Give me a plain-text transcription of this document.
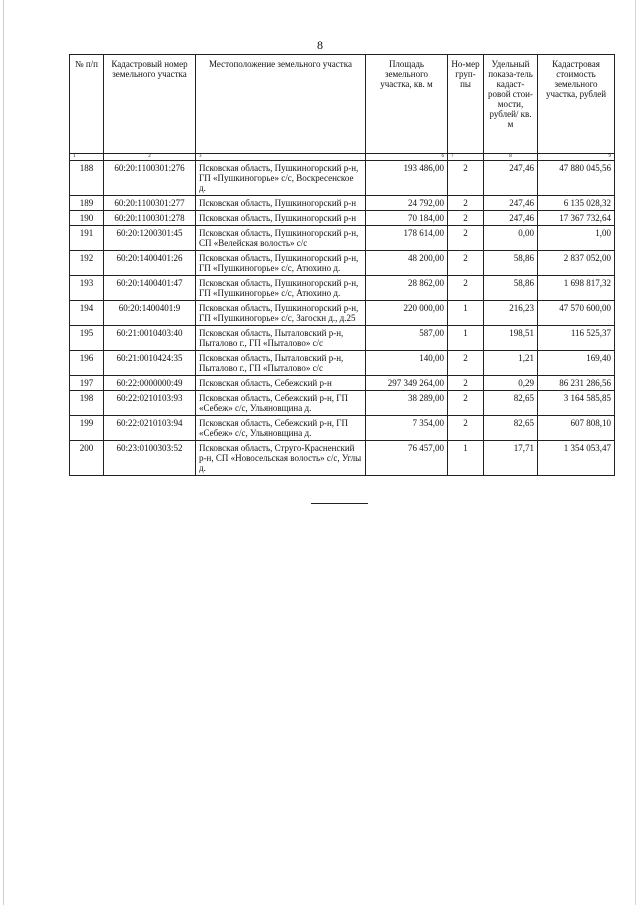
8
№ п/п	Кадастровый номер земельного участка	Местоположение земельного участка	Площадь земельного участка, кв. м	Но-мер груп-пы	Удельный показа-тель кадаст-ровой стои-мости, рублей/ кв. м	Кадастровая стоимость земельного участка, рублей
1	2	3	6	7	8	9
188	60:20:1100301:276	Псковская область, Пушкиногорский р-н, ГП «Пушкиногорье» с/с, Воскресенское д.	193 486,00	2	247,46	47 880 045,56
189	60:20:1100301:277	Псковская область, Пушкиногорский р-н	24 792,00	2	247,46	6 135 028,32
190	60:20:1100301:278	Псковская область, Пушкиногорский р-н	70 184,00	2	247,46	17 367 732,64
191	60:20:1200301:45	Псковская область, Пушкиногорский р-н, СП «Велейская волость» с/с	178 614,00	2	0,00	1,00
192	60:20:1400401:26	Псковская область, Пушкиногорский р-н, ГП «Пушкиногорье» с/с, Атюхино д.	48 200,00	2	58,86	2 837 052,00
193	60:20:1400401:47	Псковская область, Пушкиногорский р-н, ГП «Пушкиногорье» с/с, Атюхино д.	28 862,00	2	58,86	1 698 817,32
194	60:20:1400401:9	Псковская область, Пушкиногорский р-н, ГП «Пушкиногорье» с/с, Загоскн д., д.25	220 000,00	1	216,23	47 570 600,00
195	60:21:0010403:40	Псковская область, Пыталовский р-н, Пыталово г., ГП «Пыталово» с/с	587,00	1	198,51	116 525,37
196	60:21:0010424:35	Псковская область, Пыталовский р-н, Пыталово г., ГП «Пыталово» с/с	140,00	2	1,21	169,40
197	60:22:0000000:49	Псковская область, Себежский р-н	297 349 264,00	2	0,29	86 231 286,56
198	60:22:0210103:93	Псковская область, Себежский р-н, ГП «Себеж» с/с, Ульяновщина д.	38 289,00	2	82,65	3 164 585,85
199	60:22:0210103:94	Псковская область, Себежский р-н, ГП «Себеж» с/с, Ульяновщина д.	7 354,00	2	82,65	607 808,10
200	60:23:0100303:52	Псковская область, Струго-Красненский р-н, СП «Новосельская волость» с/с, Углы д.	76 457,00	1	17,71	1 354 053,47
